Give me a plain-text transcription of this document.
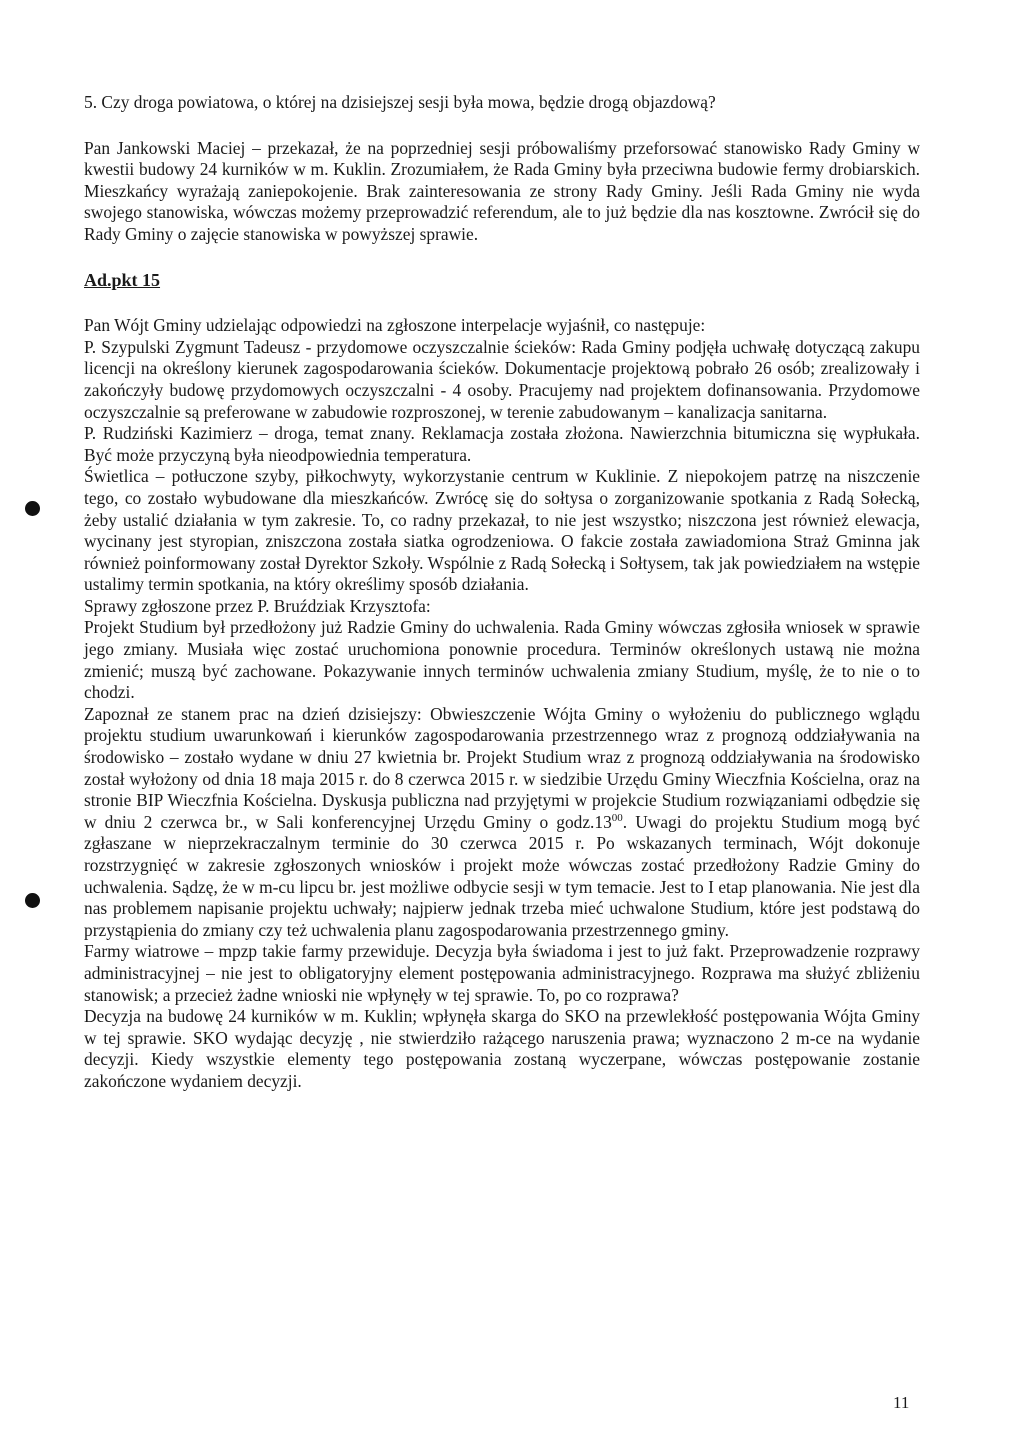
5. Czy droga powiatowa, o której na dzisiejszej sesji była mowa, będzie drogą objazdową?

Pan Jankowski Maciej – przekazał, że na poprzedniej sesji próbowaliśmy przeforsować stanowisko Rady Gminy w kwestii budowy 24 kurników w m. Kuklin. Zrozumiałem, że Rada Gminy była przeciwna budowie fermy drobiarskich. Mieszkańcy wyrażają zaniepokojenie. Brak zainteresowania ze strony Rady Gminy. Jeśli Rada Gminy nie wyda swojego stanowiska, wówczas możemy przeprowadzić referendum, ale to już będzie dla nas kosztowne. Zwrócił się do Rady Gminy o zajęcie stanowiska w powyższej sprawie.

Ad.pkt 15

Pan Wójt Gminy udzielając odpowiedzi na zgłoszone interpelacje wyjaśnił, co następuje:

P. Szypulski Zygmunt Tadeusz - przydomowe oczyszczalnie ścieków: Rada Gminy podjęła uchwałę dotyczącą zakupu licencji na określony kierunek zagospodarowania ścieków. Dokumentacje projektową pobrało 26 osób; zrealizowały i zakończyły budowę przydomowych oczyszczalni - 4 osoby. Pracujemy nad projektem dofinansowania. Przydomowe oczyszczalnie są preferowane w zabudowie rozproszonej, w terenie zabudowanym – kanalizacja sanitarna.

P. Rudziński Kazimierz – droga, temat znany. Reklamacja została złożona. Nawierzchnia bitumiczna się wypłukała. Być może przyczyną była nieodpowiednia temperatura.

Świetlica – potłuczone szyby, piłkochwyty, wykorzystanie centrum w Kuklinie. Z niepokojem patrzę na niszczenie tego, co zostało wybudowane dla mieszkańców. Zwrócę się do sołtysa o zorganizowanie spotkania z Radą Sołecką, żeby ustalić działania w tym zakresie. To, co radny przekazał, to nie jest wszystko; niszczona jest również elewacja, wycinany jest styropian, zniszczona została siatka ogrodzeniowa. O fakcie została zawiadomiona Straż Gminna jak również poinformowany został Dyrektor Szkoły. Wspólnie z Radą Sołecką i Sołtysem, tak jak powiedziałem na wstępie ustalimy termin spotkania, na który określimy sposób działania.

Sprawy zgłoszone przez P. Bruździak Krzysztofa:

Projekt Studium był przedłożony już Radzie Gminy do uchwalenia. Rada Gminy wówczas zgłosiła wniosek w sprawie jego zmiany. Musiała więc zostać uruchomiona ponownie procedura. Terminów określonych ustawą nie można zmienić; muszą być zachowane. Pokazywanie innych terminów uchwalenia zmiany Studium, myślę, że to nie o to chodzi.

Zapoznał ze stanem prac na dzień dzisiejszy: Obwieszczenie Wójta Gminy o wyłożeniu do publicznego wglądu projektu studium uwarunkowań i kierunków zagospodarowania przestrzennego wraz z prognozą oddziaływania na środowisko – zostało wydane w dniu 27 kwietnia br. Projekt Studium wraz z prognozą oddziaływania na środowisko został wyłożony od dnia 18 maja 2015 r. do 8 czerwca 2015 r. w siedzibie Urzędu Gminy Wieczfnia Kościelna, oraz na stronie BIP Wieczfnia Kościelna. Dyskusja publiczna nad przyjętymi w projekcie Studium rozwiązaniami odbędzie się w dniu 2 czerwca br., w Sali konferencyjnej Urzędu Gminy o $godz.13^{00}$. Uwagi do projektu Studium mogą być zgłaszane w nieprzekraczalnym terminie do 30 czerwca 2015 r. Po wskazanych terminach, Wójt dokonuje rozstrzygnięć w zakresie zgłoszonych wniosków i projekt może wówczas zostać przedłożony Radzie Gminy do uchwalenia. Sądzę, że w m-cu lipcu br. jest możliwe odbycie sesji w tym temacie. Jest to I etap planowania. Nie jest dla nas problemem napisanie projektu uchwały; najpierw jednak trzeba mieć uchwalone Studium, które jest podstawą do przystąpienia do zmiany czy też uchwalenia planu zagospodarowania przestrzennego gminy.

Farmy wiatrowe – mpzp takie farmy przewiduje. Decyzja była świadoma i jest to już fakt. Przeprowadzenie rozprawy administracyjnej – nie jest to obligatoryjny element postępowania administracyjnego. Rozprawa ma służyć zbliżeniu stanowisk; a przecież żadne wnioski nie wpłynęły w tej sprawie. To, po co rozprawa?

Decyzja na budowę 24 kurników w m. Kuklin; wpłynęła skarga do SKO na przewlekłość postępowania Wójta Gminy w tej sprawie. SKO wydając decyzję , nie stwierdziło rażącego naruszenia prawa; wyznaczono 2 m-ce na wydanie decyzji. Kiedy wszystkie elementy tego postępowania zostaną wyczerpane, wówczas postępowanie zostanie zakończone wydaniem decyzji.

11
